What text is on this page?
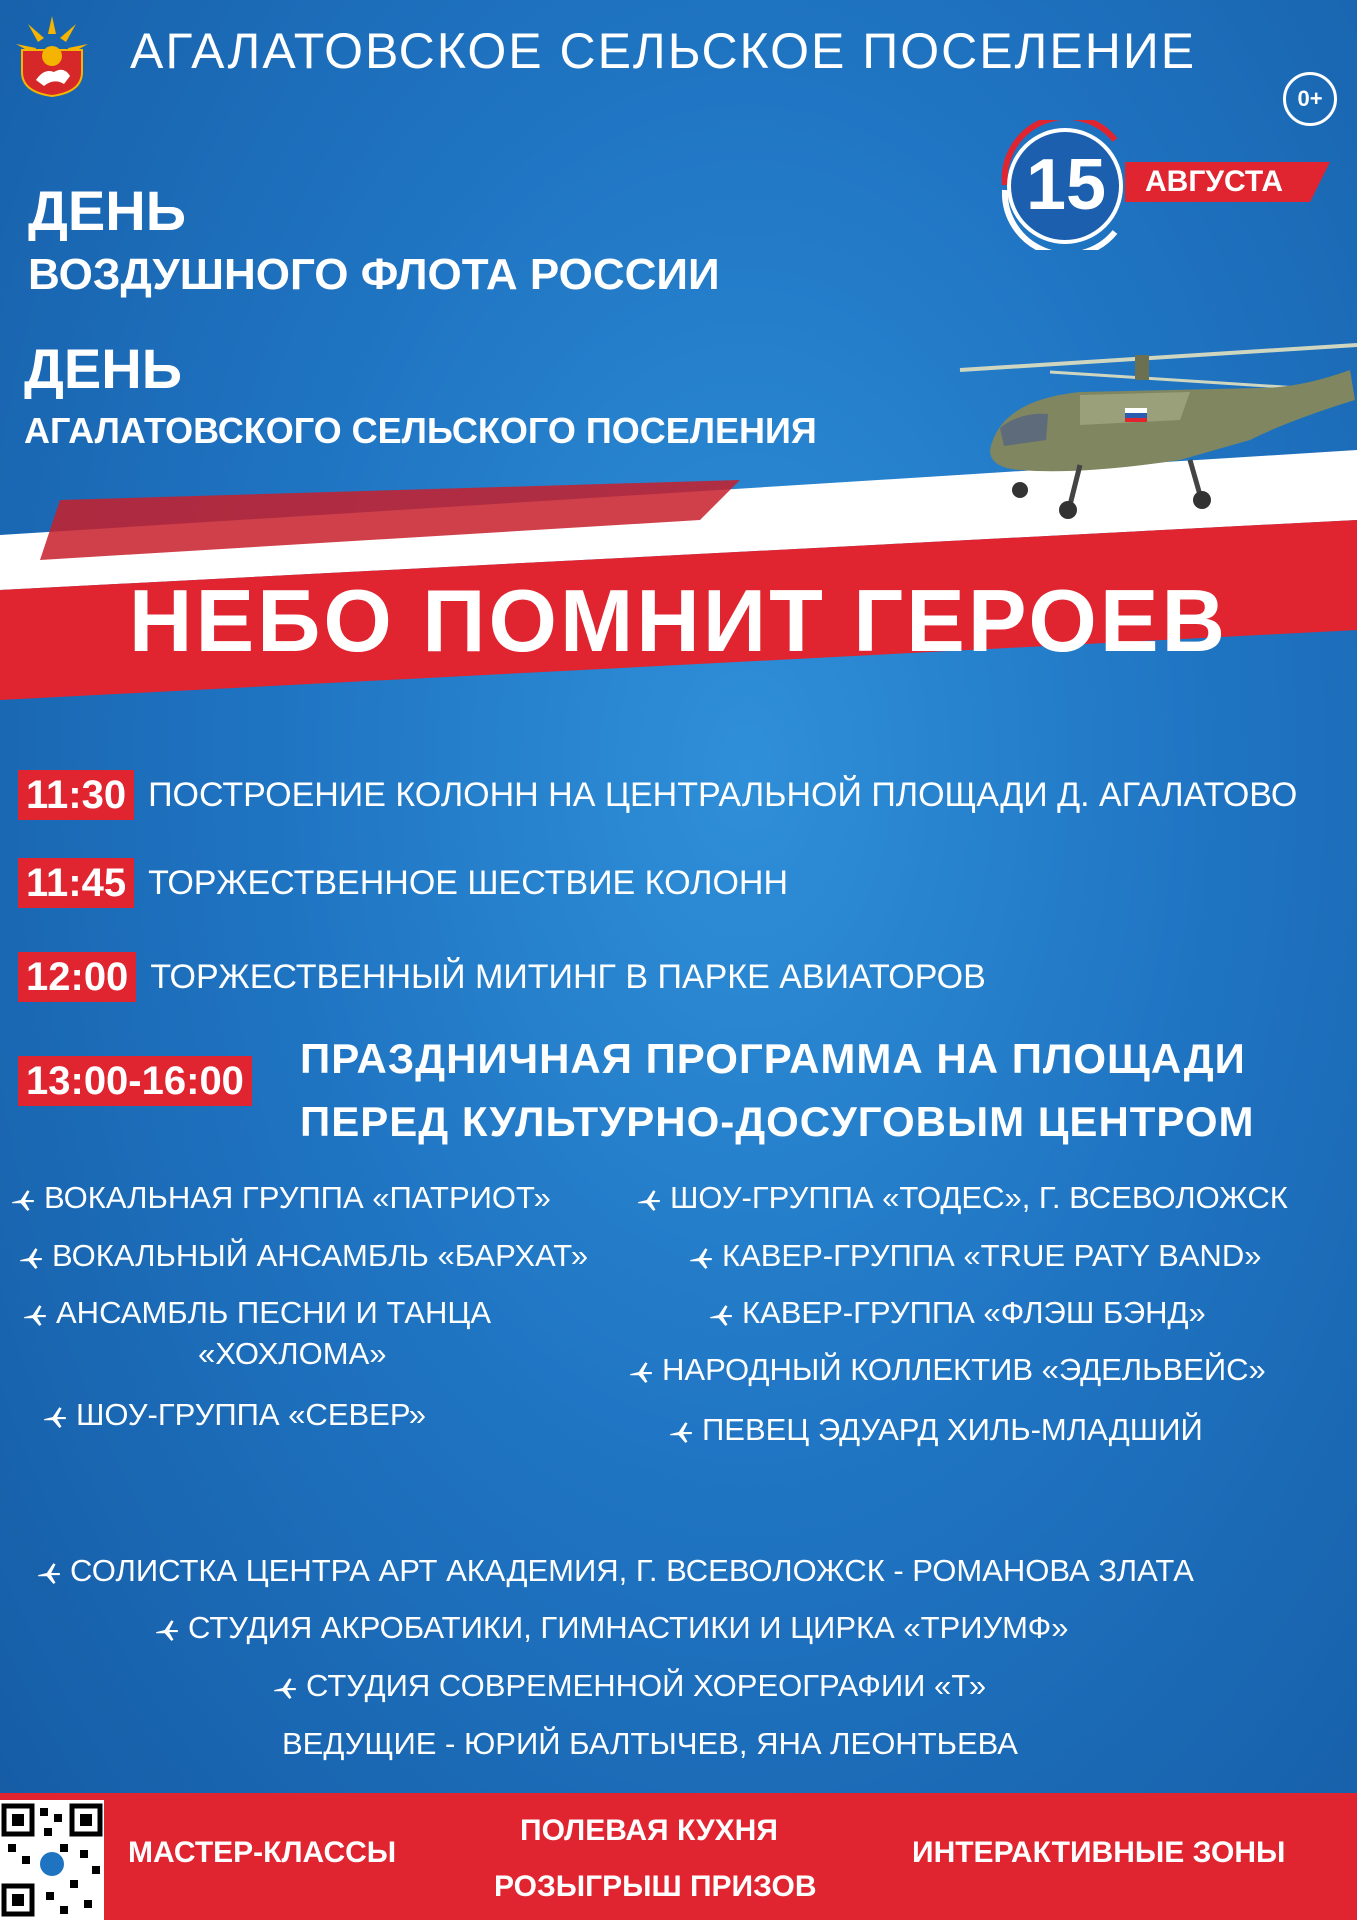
АГАЛАТОВСКОЕ СЕЛЬСКОЕ ПОСЕЛЕНИЕ
0+
15	АВГУСТА
ДЕНЬ
ВОЗДУШНОГО ФЛОТА РОССИИ
ДЕНЬ
АГАЛАТОВСКОГО СЕЛЬСКОГО ПОСЕЛЕНИЯ
НЕБО ПОМНИТ ГЕРОЕВ
11:30 ПОСТРОЕНИЕ КОЛОНН НА ЦЕНТРАЛЬНОЙ ПЛОЩАДИ Д. АГАЛАТОВО
11:45 ТОРЖЕСТВЕННОЕ ШЕСТВИЕ КОЛОНН
12:00 ТОРЖЕСТВЕННЫЙ МИТИНГ В ПАРКЕ АВИАТОРОВ
13:00-16:00 ПРАЗДНИЧНАЯ ПРОГРАММА НА ПЛОЩАДИ
ПЕРЕД КУЛЬТУРНО-ДОСУГОВЫМ ЦЕНТРОМ
ВОКАЛЬНАЯ ГРУППА «ПАТРИОТ»
ВОКАЛЬНЫЙ АНСАМБЛЬ «БАРХАТ»
АНСАМБЛЬ ПЕСНИ И ТАНЦА
«ХОХЛОМА»
ШОУ-ГРУППА «СЕВЕР»
ШОУ-ГРУППА «ТОДЕС», Г. ВСЕВОЛОЖСК
КАВЕР-ГРУППА «TRUE PATY BAND»
КАВЕР-ГРУППА «ФЛЭШ БЭНД»
НАРОДНЫЙ КОЛЛЕКТИВ «ЭДЕЛЬВЕЙС»
ПЕВЕЦ ЭДУАРД ХИЛЬ-МЛАДШИЙ
СОЛИСТКА ЦЕНТРА АРТ АКАДЕМИЯ, Г. ВСЕВОЛОЖСК - РОМАНОВА ЗЛАТА
СТУДИЯ АКРОБАТИКИ, ГИМНАСТИКИ И ЦИРКА «ТРИУМФ»
СТУДИЯ СОВРЕМЕННОЙ ХОРЕОГРАФИИ «Т»
ВЕДУЩИЕ - ЮРИЙ БАЛТЫЧЕВ, ЯНА ЛЕОНТЬЕВА
МАСТЕР-КЛАССЫ
ПОЛЕВАЯ КУХНЯ
РОЗЫГРЫШ ПРИЗОВ
ИНТЕРАКТИВНЫЕ ЗОНЫ
